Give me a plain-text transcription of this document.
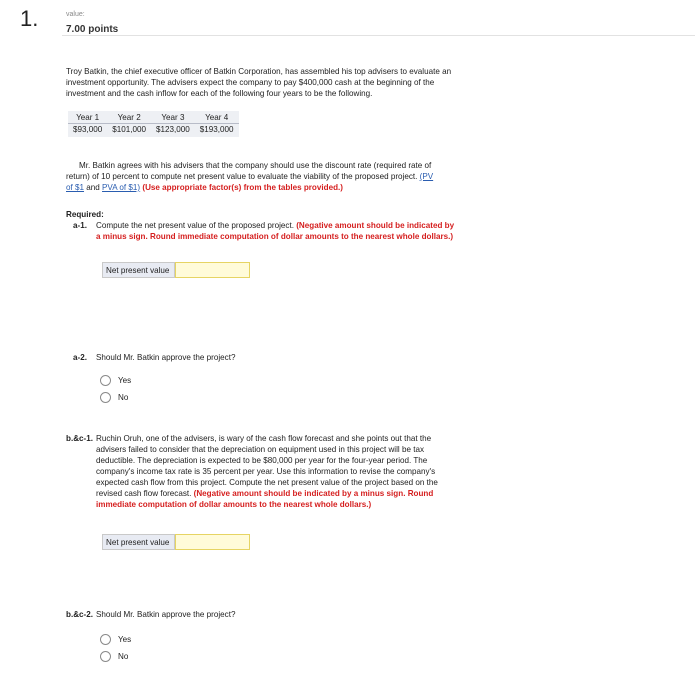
1.	value:
7.00 points
Troy Batkin, the chief executive officer of Batkin Corporation, has assembled his top advisers to evaluate an
investment opportunity. The advisers expect the company to pay $400,000 cash at the beginning of the
investment and the cash inflow for each of the following four years to be the following.
Year 1	Year 2	Year 3	Year 4
$93,000	$101,000	$123,000	$193,000
Mr. Batkin agrees with his advisers that the company should use the discount rate (required rate of
return) of 10 percent to compute net present value to evaluate the viability of the proposed project. (PV
of $1 and PVA of $1) (Use appropriate factor(s) from the tables provided.)
Required:
a-1. Compute the net present value of the proposed project. (Negative amount should be indicated by
a minus sign. Round immediate computation of dollar amounts to the nearest whole dollars.)
Net present value
a-2. Should Mr. Batkin approve the project?
Yes
No
b.&c-1. Ruchin Oruh, one of the advisers, is wary of the cash flow forecast and she points out that the
advisers failed to consider that the depreciation on equipment used in this project will be tax
deductible. The depreciation is expected to be $80,000 per year for the four-year period. The
company's income tax rate is 35 percent per year. Use this information to revise the company's
expected cash flow from this project. Compute the net present value of the project based on the
revised cash flow forecast. (Negative amount should be indicated by a minus sign. Round
immediate computation of dollar amounts to the nearest whole dollars.)
Net present value
b.&c-2. Should Mr. Batkin approve the project?
Yes
No
